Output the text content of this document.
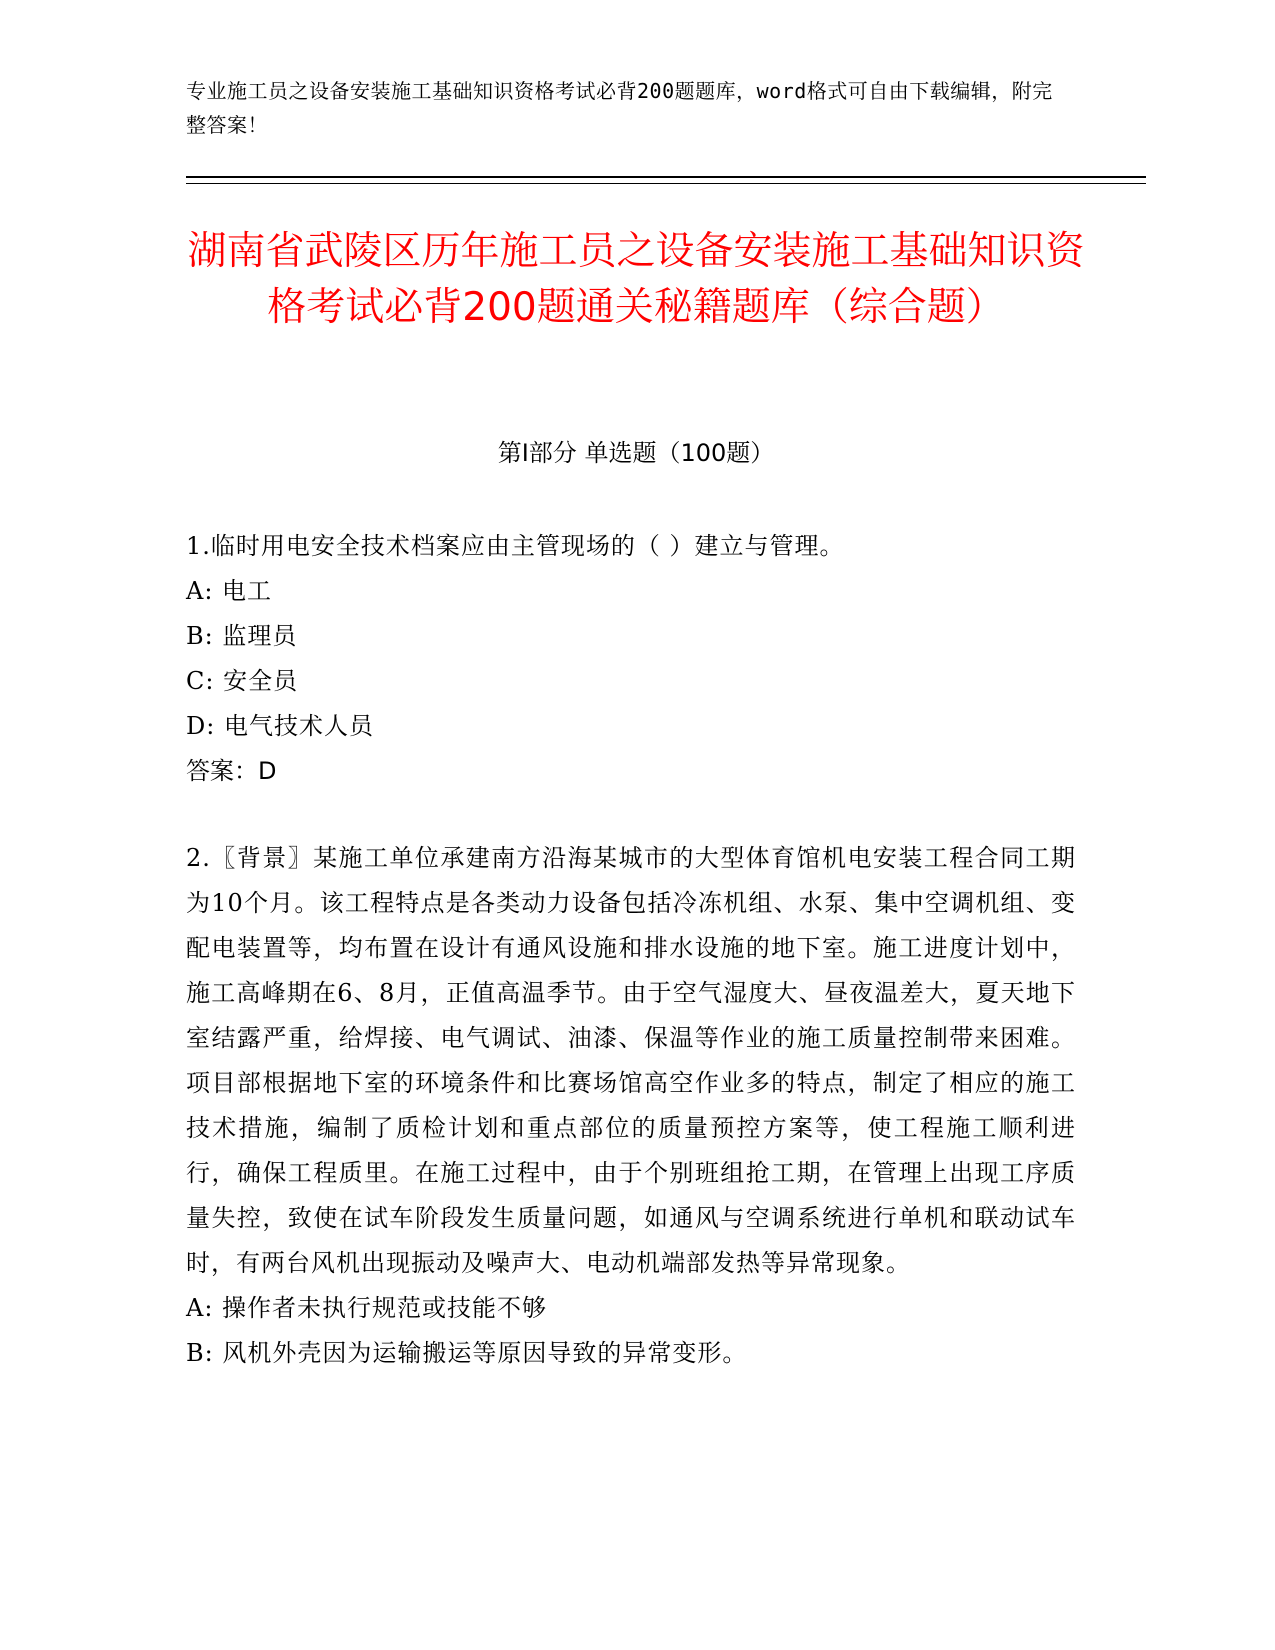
专业施工员之设备安装施工基础知识资格考试必背200题题库，word格式可自由下载编辑，附完整答案！
湖南省武陵区历年施工员之设备安装施工基础知识资格考试必背200题通关秘籍题库（综合题）
第I部分 单选题（100题）

1.临时用电安全技术档案应由主管现场的（ ）建立与管理。

A: 电工

B: 监理员

C: 安全员

D: 电气技术人员

答案：D

2.〖背景〗某施工单位承建南方沿海某城市的大型体育馆机电安装工程合同工期为10个月。该工程特点是各类动力设备包括冷冻机组、水泵、集中空调机组、变配电装置等，均布置在设计有通风设施和排水设施的地下室。施工进度计划中，施工高峰期在6、8月，正值高温季节。由于空气湿度大、昼夜温差大，夏天地下室结露严重，给焊接、电气调试、油漆、保温等作业的施工质量控制带来困难。项目部根据地下室的环境条件和比赛场馆高空作业多的特点，制定了相应的施工技术措施，编制了质检计划和重点部位的质量预控方案等，使工程施工顺利进行，确保工程质里。在施工过程中，由于个别班组抢工期，在管理上出现工序质量失控，致使在试车阶段发生质量问题，如通风与空调系统进行单机和联动试车时，有两台风机出现振动及噪声大、电动机端部发热等异常现象。

A: 操作者未执行规范或技能不够

B: 风机外壳因为运输搬运等原因导致的异常变形。
